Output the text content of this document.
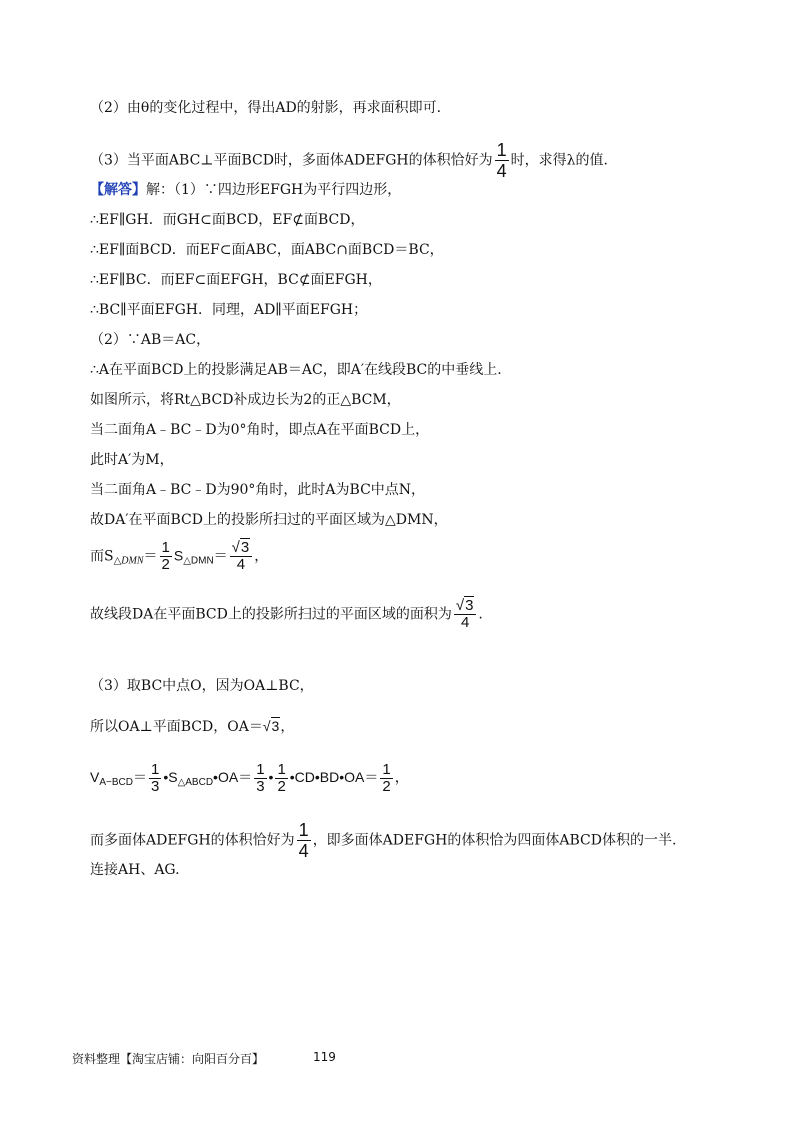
（2）由θ的变化过程中，得出AD的射影，再求面积即可.
（3）当平面ABC⊥平面BCD时，多面体ADEFGH的体积恰好为 $\frac{1}{4}$ 时，求得λ的值.
【解答】解：（1）∵四边形EFGH为平行四边形，
∴EF∥GH．而GH⊂面BCD，EF⊄面BCD，
∴EF∥面BCD．而EF⊂面ABC，面ABC∩面BCD＝BC，
∴EF∥BC．而EF⊂面EFGH，BC⊄面EFGH，
∴BC∥平面EFGH．同理，AD∥平面EFGH；
（2）∵AB＝AC，
∴A在平面BCD上的投影满足AB＝AC，即A′在线段BC的中垂线上.
如图所示，将Rt△BCD补成边长为2的正△BCM，
当二面角A﹣BC﹣D为0°角时，即点A在平面BCD上，
此时A′为M，
当二面角A﹣BC﹣D为90°角时，此时A为BC中点N，
故DA′在平面BCD上的投影所扫过的平面区域为△DMN，
而$S_{\triangle DMN}= \frac{1}{2} S_{\triangle DMN}= \frac{√3}{4}$ ，
故线段DA在平面BCD上的投影所扫过的平面区域的面积为 $\frac{√3}{4}$ .
（3）取BC中点O，因为OA⊥BC，
所以OA⊥平面BCD，OA＝√3，
$V_{A-BCD}= \frac{1}{3}$ $•S_{\triangle ABCD}•OA= \frac{1}{3}$ • $\frac{1}{2}$ •CD•BD•OA＝ $\frac{1}{2}$ ，
而多面体ADEFGH的体积恰好为 $\frac{1}{4}$ ，即多面体ADEFGH的体积恰为四面体ABCD体积的一半.
连接AH、AG.
资料整理【淘宝店铺：向阳百分百】	119
